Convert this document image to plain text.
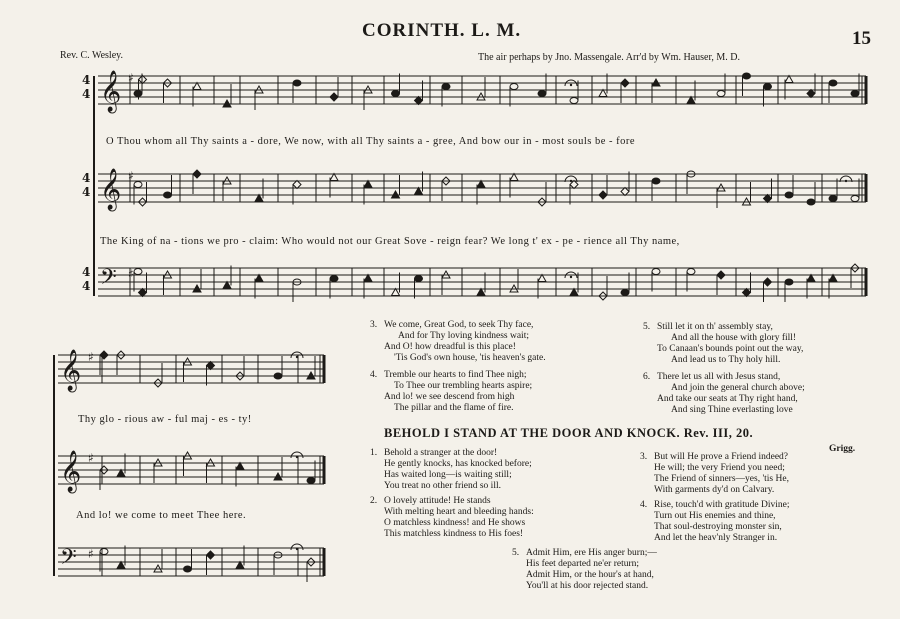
CORINTH. L. M.	15
Rev. C. Wesley.	The air perhaps by Jno. Massengale. Arr'd by Wm. Hauser, M. D.
𝄞 ♯
𝄞 ♯
𝄢 ♯
4
4
4
4
4
4
𝄞 ♯
𝄞 ♯
𝄢 ♯
O Thou whom all Thy saints a - dore, We now, with all Thy saints a - gree, And bow our in - most souls be - fore
The King of na - tions we pro - claim: Who would not our Great Sove - reign fear? We long t' ex - pe - rience all Thy name,
Thy glo - rious aw - ful maj - es - ty!
And lo! we come to meet Thee here.
3. We come, Great God, to seek Thy face,
And for Thy loving kindness wait;
And O! how dreadful is this place!
'Tis God's own house, 'tis heaven's gate.
4. Tremble our hearts to find Thee nigh;
To Thee our trembling hearts aspire;
And lo! we see descend from high
The pillar and the flame of fire.
5. Still let it on th' assembly stay,
And all the house with glory fill!
To Canaan's bounds point out the way,
And lead us to Thy holy hill.
6. There let us all with Jesus stand,
And join the general church above;
And take our seats at Thy right hand,
And sing Thine everlasting love
BEHOLD I STAND AT THE DOOR AND KNOCK. Rev. III, 20.
Grigg.
1. Behold a stranger at the door!
He gently knocks, has knocked before;
Has waited long—is waiting still;
You treat no other friend so ill.
2. O lovely attitude! He stands
With melting heart and bleeding hands:
O matchless kindness! and He shows
This matchless kindness to His foes!
3. But will He prove a Friend indeed?
He will; the very Friend you need;
The Friend of sinners—yes, 'tis He,
With garments dy'd on Calvary.
4. Rise, touch'd with gratitude Divine;
Turn out His enemies and thine,
That soul-destroying monster sin,
And let the heav'nly Stranger in.
5. Admit Him, ere His anger burn;—
His feet departed ne'er return;
Admit Him, or the hour's at hand,
You'll at his door rejected stand.
